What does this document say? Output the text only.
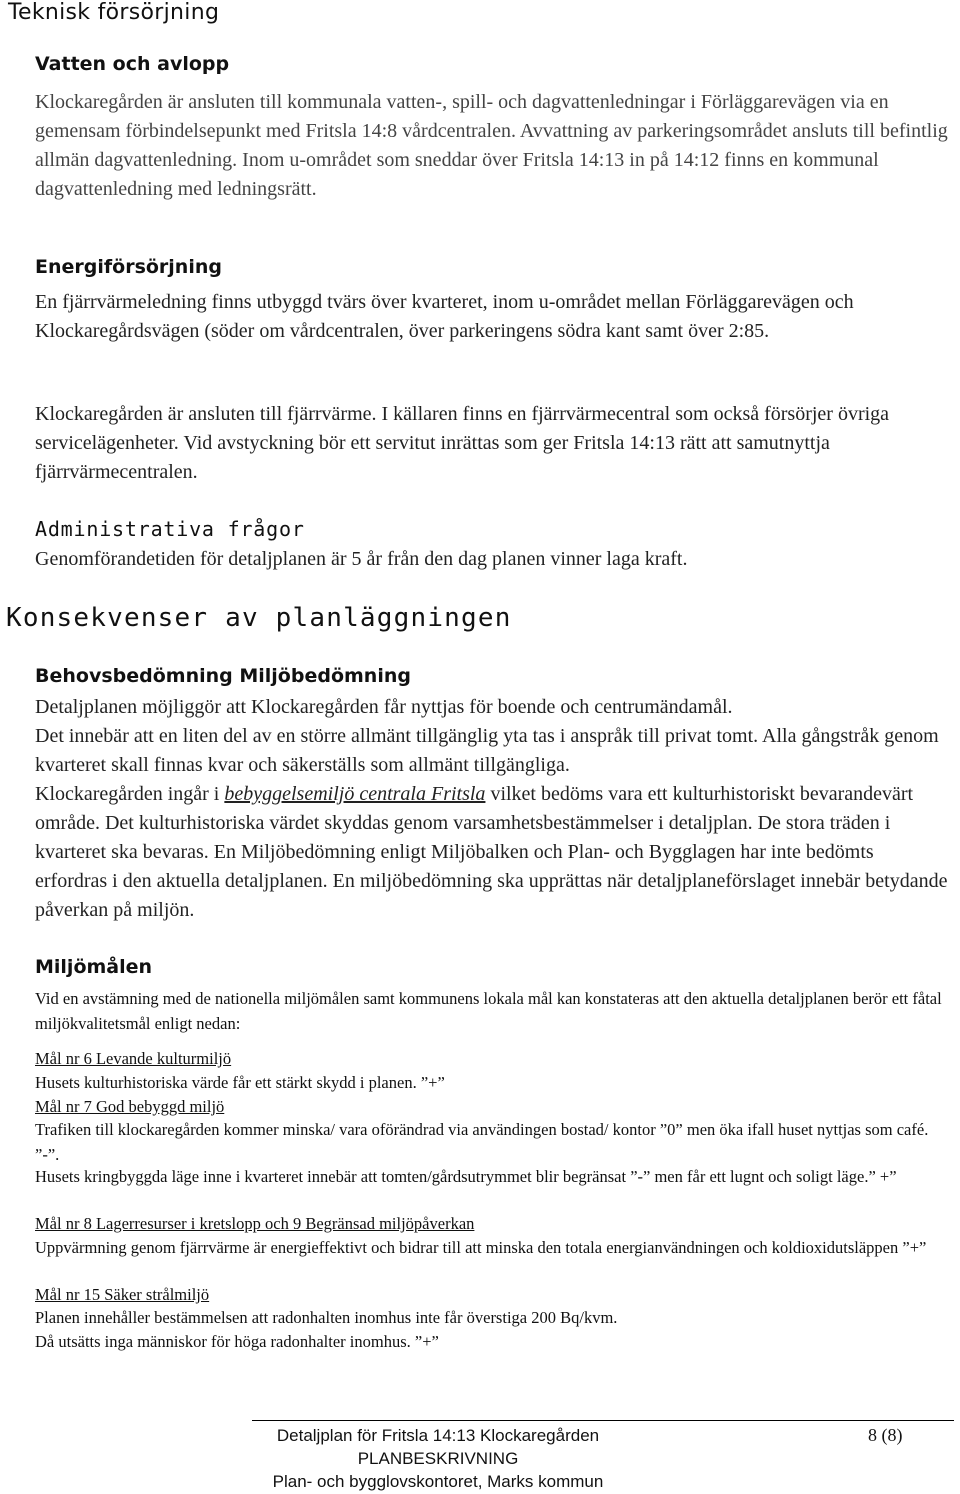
Teknisk försörjning
Vatten och avlopp
Klockaregården är ansluten till kommunala vatten-, spill- och dagvattenledningar i Förläggarevägen via en gemensam förbindelsepunkt med Fritsla 14:8 vårdcentralen. Avvattning av parkeringsområdet ansluts till befintlig allmän dagvattenledning. Inom u-området som sneddar över Fritsla 14:13 in på 14:12 finns en kommunal dagvattenledning med ledningsrätt.
Energiförsörjning
En fjärrvärmeledning finns utbyggd tvärs över kvarteret, inom u-området mellan Förläggarevägen och Klockaregårdsvägen (söder om vårdcentralen, över parkeringens södra kant samt över 2:85.
Klockaregården är ansluten till fjärrvärme. I källaren finns en fjärrvärmecentral som också försörjer övriga servicelägenheter. Vid avstyckning bör ett servitut inrättas som ger Fritsla 14:13 rätt att samutnyttja fjärrvärmecentralen.
Administrativa frågor
Genomförandetiden för detaljplanen är 5 år från den dag planen vinner laga kraft.
Konsekvenser av planläggningen
Behovsbedömning Miljöbedömning
Detaljplanen möjliggör att Klockaregården får nyttjas för boende och centrumändamål.
Det innebär att en liten del av en större allmänt tillgänglig yta tas i anspråk till privat tomt. Alla gångstråk genom kvarteret skall finnas kvar och säkerställs som allmänt tillgängliga.
Klockaregården ingår i bebyggelsemiljö centrala Fritsla vilket bedöms vara ett kulturhistoriskt bevarandevärt område. Det kulturhistoriska värdet skyddas genom varsamhetsbestämmelser i detaljplan. De stora träden i kvarteret ska bevaras. En Miljöbedömning enligt Miljöbalken och Plan- och Bygglagen har inte bedömts erfordras i den aktuella detaljplanen. En miljöbedömning ska upprättas när detaljplaneförslaget innebär betydande påverkan på miljön.
Miljömålen
Vid en avstämning med de nationella miljömålen samt kommunens lokala mål kan konstateras att den aktuella detaljplanen berör ett fåtal miljökvalitetsmål enligt nedan:
Mål nr 6 Levande kulturmiljö
Husets kulturhistoriska värde får ett stärkt skydd i planen. ”+”
Mål nr 7 God bebyggd miljö
Trafiken till klockaregården kommer minska/ vara oförändrad via användingen bostad/ kontor ”0” men öka ifall huset nyttjas som café. ”-”.
Husets kringbyggda läge inne i kvarteret innebär att tomten/gårdsutrymmet blir begränsat ”-” men får ett lugnt och soligt läge.” +”
Mål nr 8 Lagerresurser i kretslopp och 9 Begränsad miljöpåverkan
Uppvärmning genom fjärrvärme är energieffektivt och bidrar till att minska den totala energianvändningen och koldioxidutsläppen ”+”
Mål nr 15 Säker strålmiljö
Planen innehåller bestämmelsen att radonhalten inomhus inte får överstiga 200 Bq/kvm.
Då utsätts inga människor för höga radonhalter inomhus. ”+”
Detaljplan för Fritsla 14:13 Klockaregården
PLANBESKRIVNING
Plan- och bygglovskontoret, Marks kommun
8 (8)
